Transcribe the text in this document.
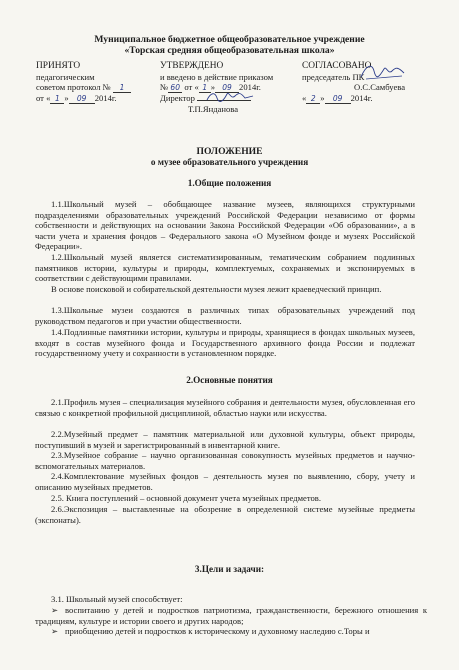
Муниципальное бюджетное общеобразовательное учреждение
«Торская средняя общеобразовательная школа»
ПРИНЯТО
педагогическим
советом протокол № 1
от « 1 » 09 2014г.
УТВЕРЖДЕНО
и введено в действие приказом
№ 60 от « 1 » 09 2014г.
Директор
Т.П.Янданова
СОГЛАСОВАНО
председатель ПК
О.С.Самбуева
« 2 » 09 2014г.
ПОЛОЖЕНИЕ
о музее образовательного учреждения
1.Общие положения
1.1.Школьный музей – обобщающее название музеев, являющихся структурными подразделениями образовательных учреждений Российской Федерации независимо от формы собственности и действующих на основании Закона Российской Федерации «Об образовании», а в части учета и хранения фондов – Федерального закона «О Музейном фонде и музеях Российской Федерации».
1.2.Школьный музей является систематизированным, тематическим собранием подлинных памятников истории, культуры и природы, комплектуемых, сохраняемых и экспонируемых в соответствии с действующими правилами.
В основе поисковой и собирательской деятельности музея лежит краеведческий принцип.
1.3.Школьные музеи создаются в различных типах образовательных учреждений под руководством педагогов и при участии общественности.
1.4.Подлинные памятники истории, культуры и природы, хранящиеся в фондах школьных музеев, входят в состав музейного фонда и Государственного архивного фонда России и подлежат государственному учету и сохранности в установленном порядке.
2.Основные понятия
2.1.Профиль музея – специализация музейного собрания и деятельности музея, обусловленная его связью с конкретной профильной дисциплиной, областью науки или искусства.
2.2.Музейный предмет – памятник материальной или духовной культуры, объект природы, поступивший в музей и зарегистрированный в инвентарной книге.
2.3.Музейное собрание – научно организованная совокупность музейных предметов и научно-вспомогательных материалов.
2.4.Комплектование музейных фондов – деятельность музея по выявлению, сбору, учету и описанию музейных предметов.
2.5. Книга поступлений – основной документ учета музейных предметов.
2.6.Экспозиция – выставленные на обозрение в определенной системе музейные предметы (экспонаты).
3.Цели и задачи:
3.1. Школьный музей способствует:
➢ воспитанию у детей и подростков патриотизма, гражданственности, бережного отношения к традициям, культуре и истории своего и других народов;
➢ приобщению детей и подростков к историческому и духовному наследию с.Торы и
